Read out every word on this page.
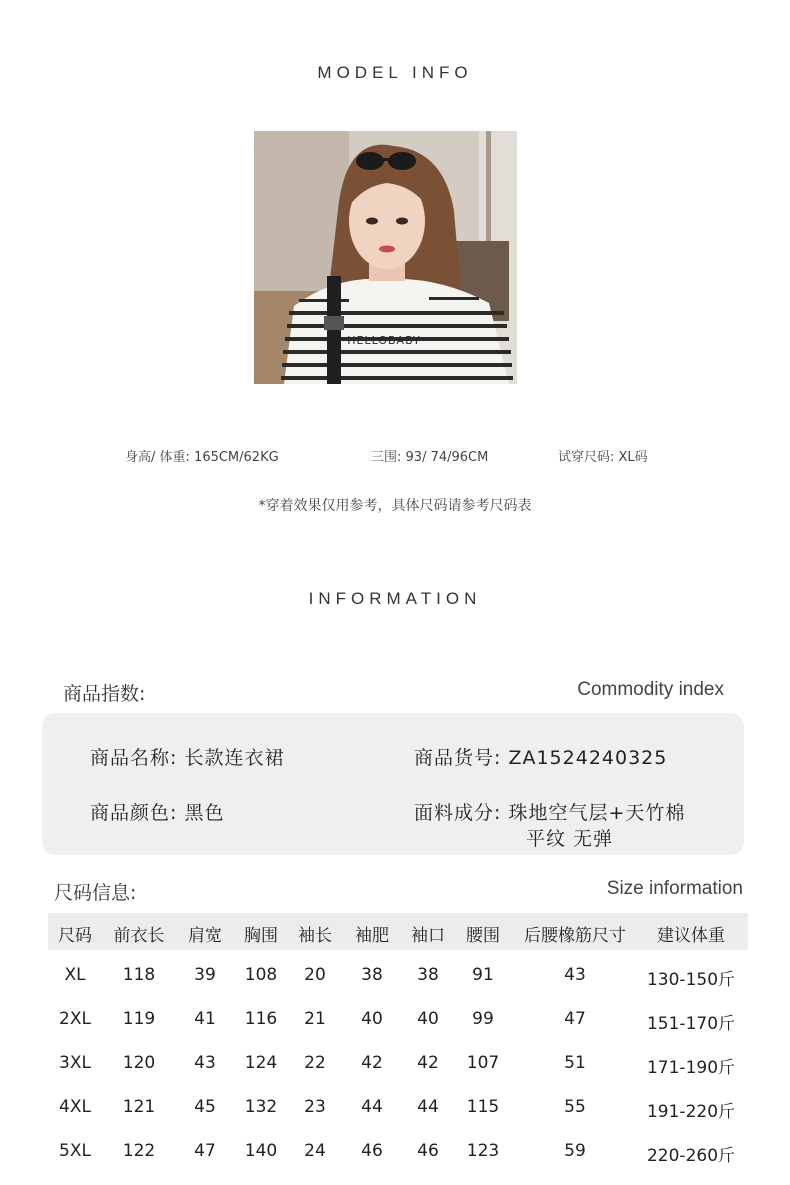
MODEL INFO
HELLOBABY
身高/ 体重: 165CM/62KG	三围: 93/ 74/96CM	试穿尺码: XL码
*穿着效果仅用参考，具体尺码请参考尺码表
INFORMATION
商品指数:	Commodity index
商品名称: 长款连衣裙	商品货号: ZA1524240325
商品颜色: 黑色	面料成分: 珠地空气层+天竹棉
平纹 无弹
尺码信息:	Size information
尺码 前衣长 肩宽 胸围 袖长 袖肥 袖口 腰围 后腰橡筋尺寸 建议体重
XL 118 39 108 20 38 38 91	43	130-150斤
2XL 119 41 116 21 40 40 99	47	151-170斤
3XL 120 43 124 22 42 42 107	51	171-190斤
4XL 121 45 132 23 44 44 115	55	191-220斤
5XL 122 47 140 24 46 46 123	59	220-260斤
